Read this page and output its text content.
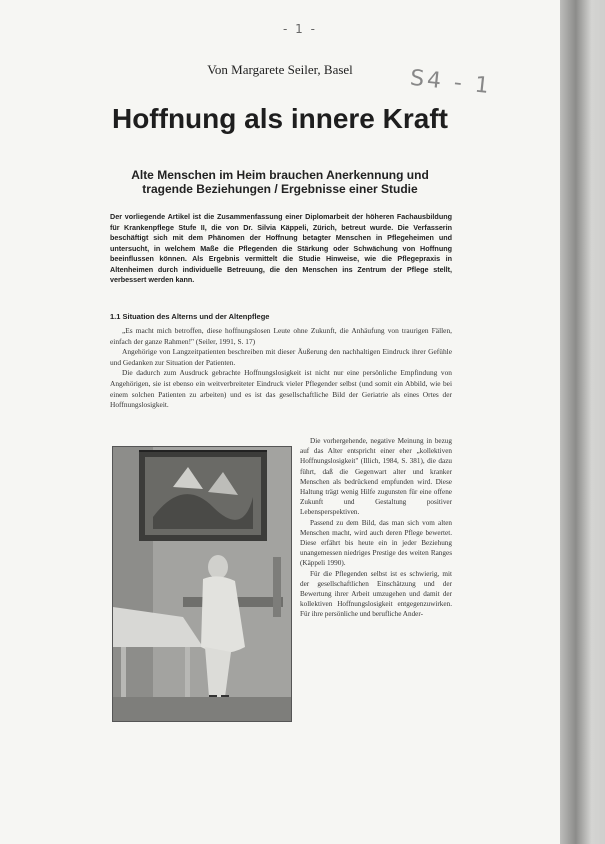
- 1 -
S4 - 1
Von Margarete Seiler, Basel
Hoffnung als innere Kraft
Alte Menschen im Heim brauchen Anerkennung und tragende Beziehungen / Ergebnisse einer Studie

Der vorliegende Artikel ist die Zusammenfassung einer Diplomarbeit der höheren Fachausbildung für Krankenpflege Stufe II, die von Dr. Silvia Käppeli, Zürich, betreut wurde. Die Verfasserin beschäftigt sich mit dem Phänomen der Hoffnung betagter Menschen in Pflegeheimen und untersucht, in welchem Maße die Pflegenden die Stärkung oder Schwächung von Hoffnung beeinflussen können. Als Ergebnis vermittelt die Studie Hinweise, wie die Pflegepraxis in Altenheimen durch individuelle Betreuung, die den Menschen ins Zentrum der Pflege stellt, verbessert werden kann.

1.1 Situation des Alterns und der Altenpflege

„Es macht mich betroffen, diese hoffnungslosen Leute ohne Zukunft, die Anhäufung von traurigen Fällen, einfach der ganze Rahmen!" (Seiler, 1991, S. 17)

Angehörige von Langzeitpatienten beschreiben mit dieser Äußerung den nachhaltigen Eindruck ihrer Gefühle und Gedanken zur Situation der Patienten.

Die dadurch zum Ausdruck gebrachte Hoffnungslosigkeit ist nicht nur eine persönliche Empfindung von Angehörigen, sie ist ebenso ein weitverbreiteter Eindruck vieler Pflegender selbst (und somit ein Abbild, wie bei einem solchen Patienten zu arbeiten) und es ist das gesellschaftliche Bild der Geriatrie als eines Ortes der Hoffnungslosigkeit.

Die vorhergehende, negative Meinung in bezug auf das Alter entspricht einer eher „kollektiven Hoffnungslosigkeit" (Illich, 1984, S. 381), die dazu führt, daß die Gegenwart alter und kranker Menschen als bedrückend empfunden wird. Diese Haltung trägt wenig Hilfe zugunsten für eine offene Zukunft und Gestaltung positiver Lebensperspektiven.

Passend zu dem Bild, das man sich vom alten Menschen macht, wird auch deren Pflege bewertet. Diese erfährt bis heute ein in jeder Beziehung unangemessen niedriges Prestige des weiten Ranges (Käppeli 1990).

Für die Pflegenden selbst ist es schwierig, mit der gesellschaftlichen Einschätzung und der Bewertung ihrer Arbeit umzugehen und damit der kollektiven Hoffnungslosigkeit entgegenzuwirken. Für ihre persönliche und berufliche Ander-
